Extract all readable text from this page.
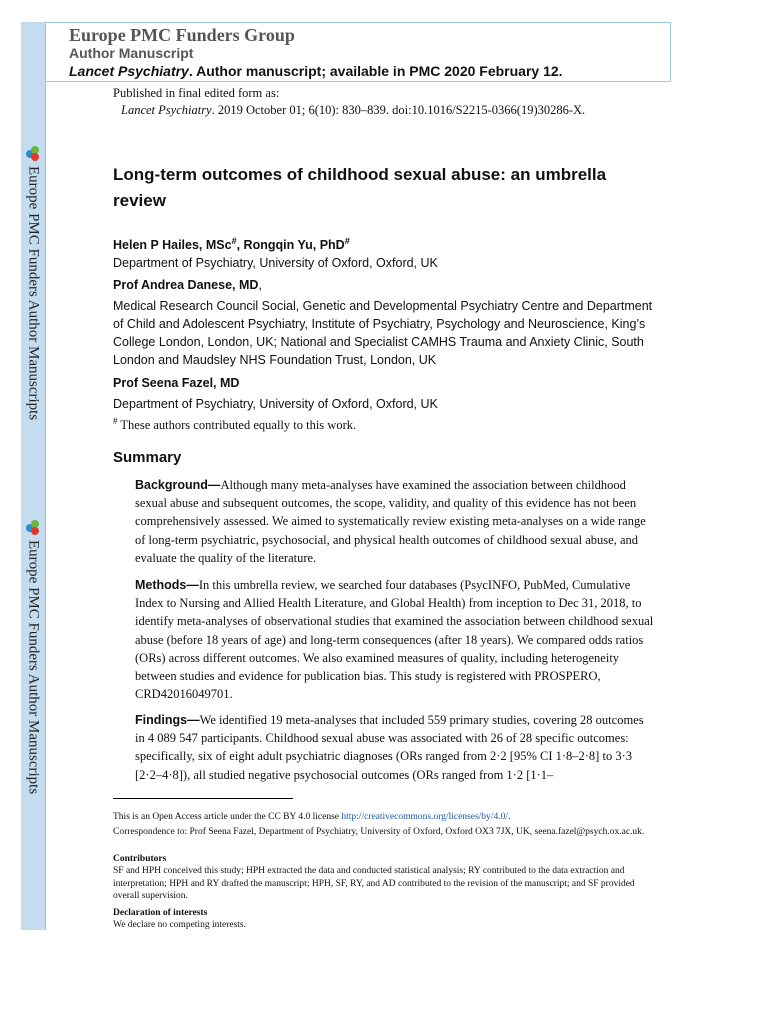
Europe PMC Funders Author Manuscripts
Europe PMC Funders Author Manuscripts
Europe PMC Funders Group
Author Manuscript
Lancet Psychiatry. Author manuscript; available in PMC 2020 February 12.
Published in final edited form as:
Lancet Psychiatry. 2019 October 01; 6(10): 830–839. doi:10.1016/S2215-0366(19)30286-X.
Long-term outcomes of childhood sexual abuse: an umbrella review
Helen P Hailes, MSc#, Rongqin Yu, PhD#
Department of Psychiatry, University of Oxford, Oxford, UK
Prof Andrea Danese, MD,
Medical Research Council Social, Genetic and Developmental Psychiatry Centre and Department of Child and Adolescent Psychiatry, Institute of Psychiatry, Psychology and Neuroscience, King’s College London, London, UK; National and Specialist CAMHS Trauma and Anxiety Clinic, South London and Maudsley NHS Foundation Trust, London, UK
Prof Seena Fazel, MD
Department of Psychiatry, University of Oxford, Oxford, UK
# These authors contributed equally to this work.
Summary
Background—Although many meta-analyses have examined the association between childhood sexual abuse and subsequent outcomes, the scope, validity, and quality of this evidence has not been comprehensively assessed. We aimed to systematically review existing meta-analyses on a wide range of long-term psychiatric, psychosocial, and physical health outcomes of childhood sexual abuse, and evaluate the quality of the literature.
Methods—In this umbrella review, we searched four databases (PsycINFO, PubMed, Cumulative Index to Nursing and Allied Health Literature, and Global Health) from inception to Dec 31, 2018, to identify meta-analyses of observational studies that examined the association between childhood sexual abuse (before 18 years of age) and long-term consequences (after 18 years). We compared odds ratios (ORs) across different outcomes. We also examined measures of quality, including heterogeneity between studies and evidence for publication bias. This study is registered with PROSPERO, CRD42016049701.
Findings—We identified 19 meta-analyses that included 559 primary studies, covering 28 outcomes in 4 089 547 participants. Childhood sexual abuse was associated with 26 of 28 specific outcomes: specifically, six of eight adult psychiatric diagnoses (ORs ranged from 2·2 [95% CI 1·8–2·8] to 3·3 [2·2–4·8]), all studied negative psychosocial outcomes (ORs ranged from 1·2 [1·1–
This is an Open Access article under the CC BY 4.0 license http://creativecommons.org/licenses/by/4.0/.
Correspondence to: Prof Seena Fazel, Department of Psychiatry, University of Oxford, Oxford OX3 7JX, UK, seena.fazel@psych.ox.ac.uk.
Contributors
SF and HPH conceived this study; HPH extracted the data and conducted statistical analysis; RY contributed to the data extraction and interpretation; HPH and RY drafted the manuscript; HPH, SF, RY, and AD contributed to the revision of the manuscript; and SF provided overall supervision.
Declaration of interests
We declare no competing interests.
